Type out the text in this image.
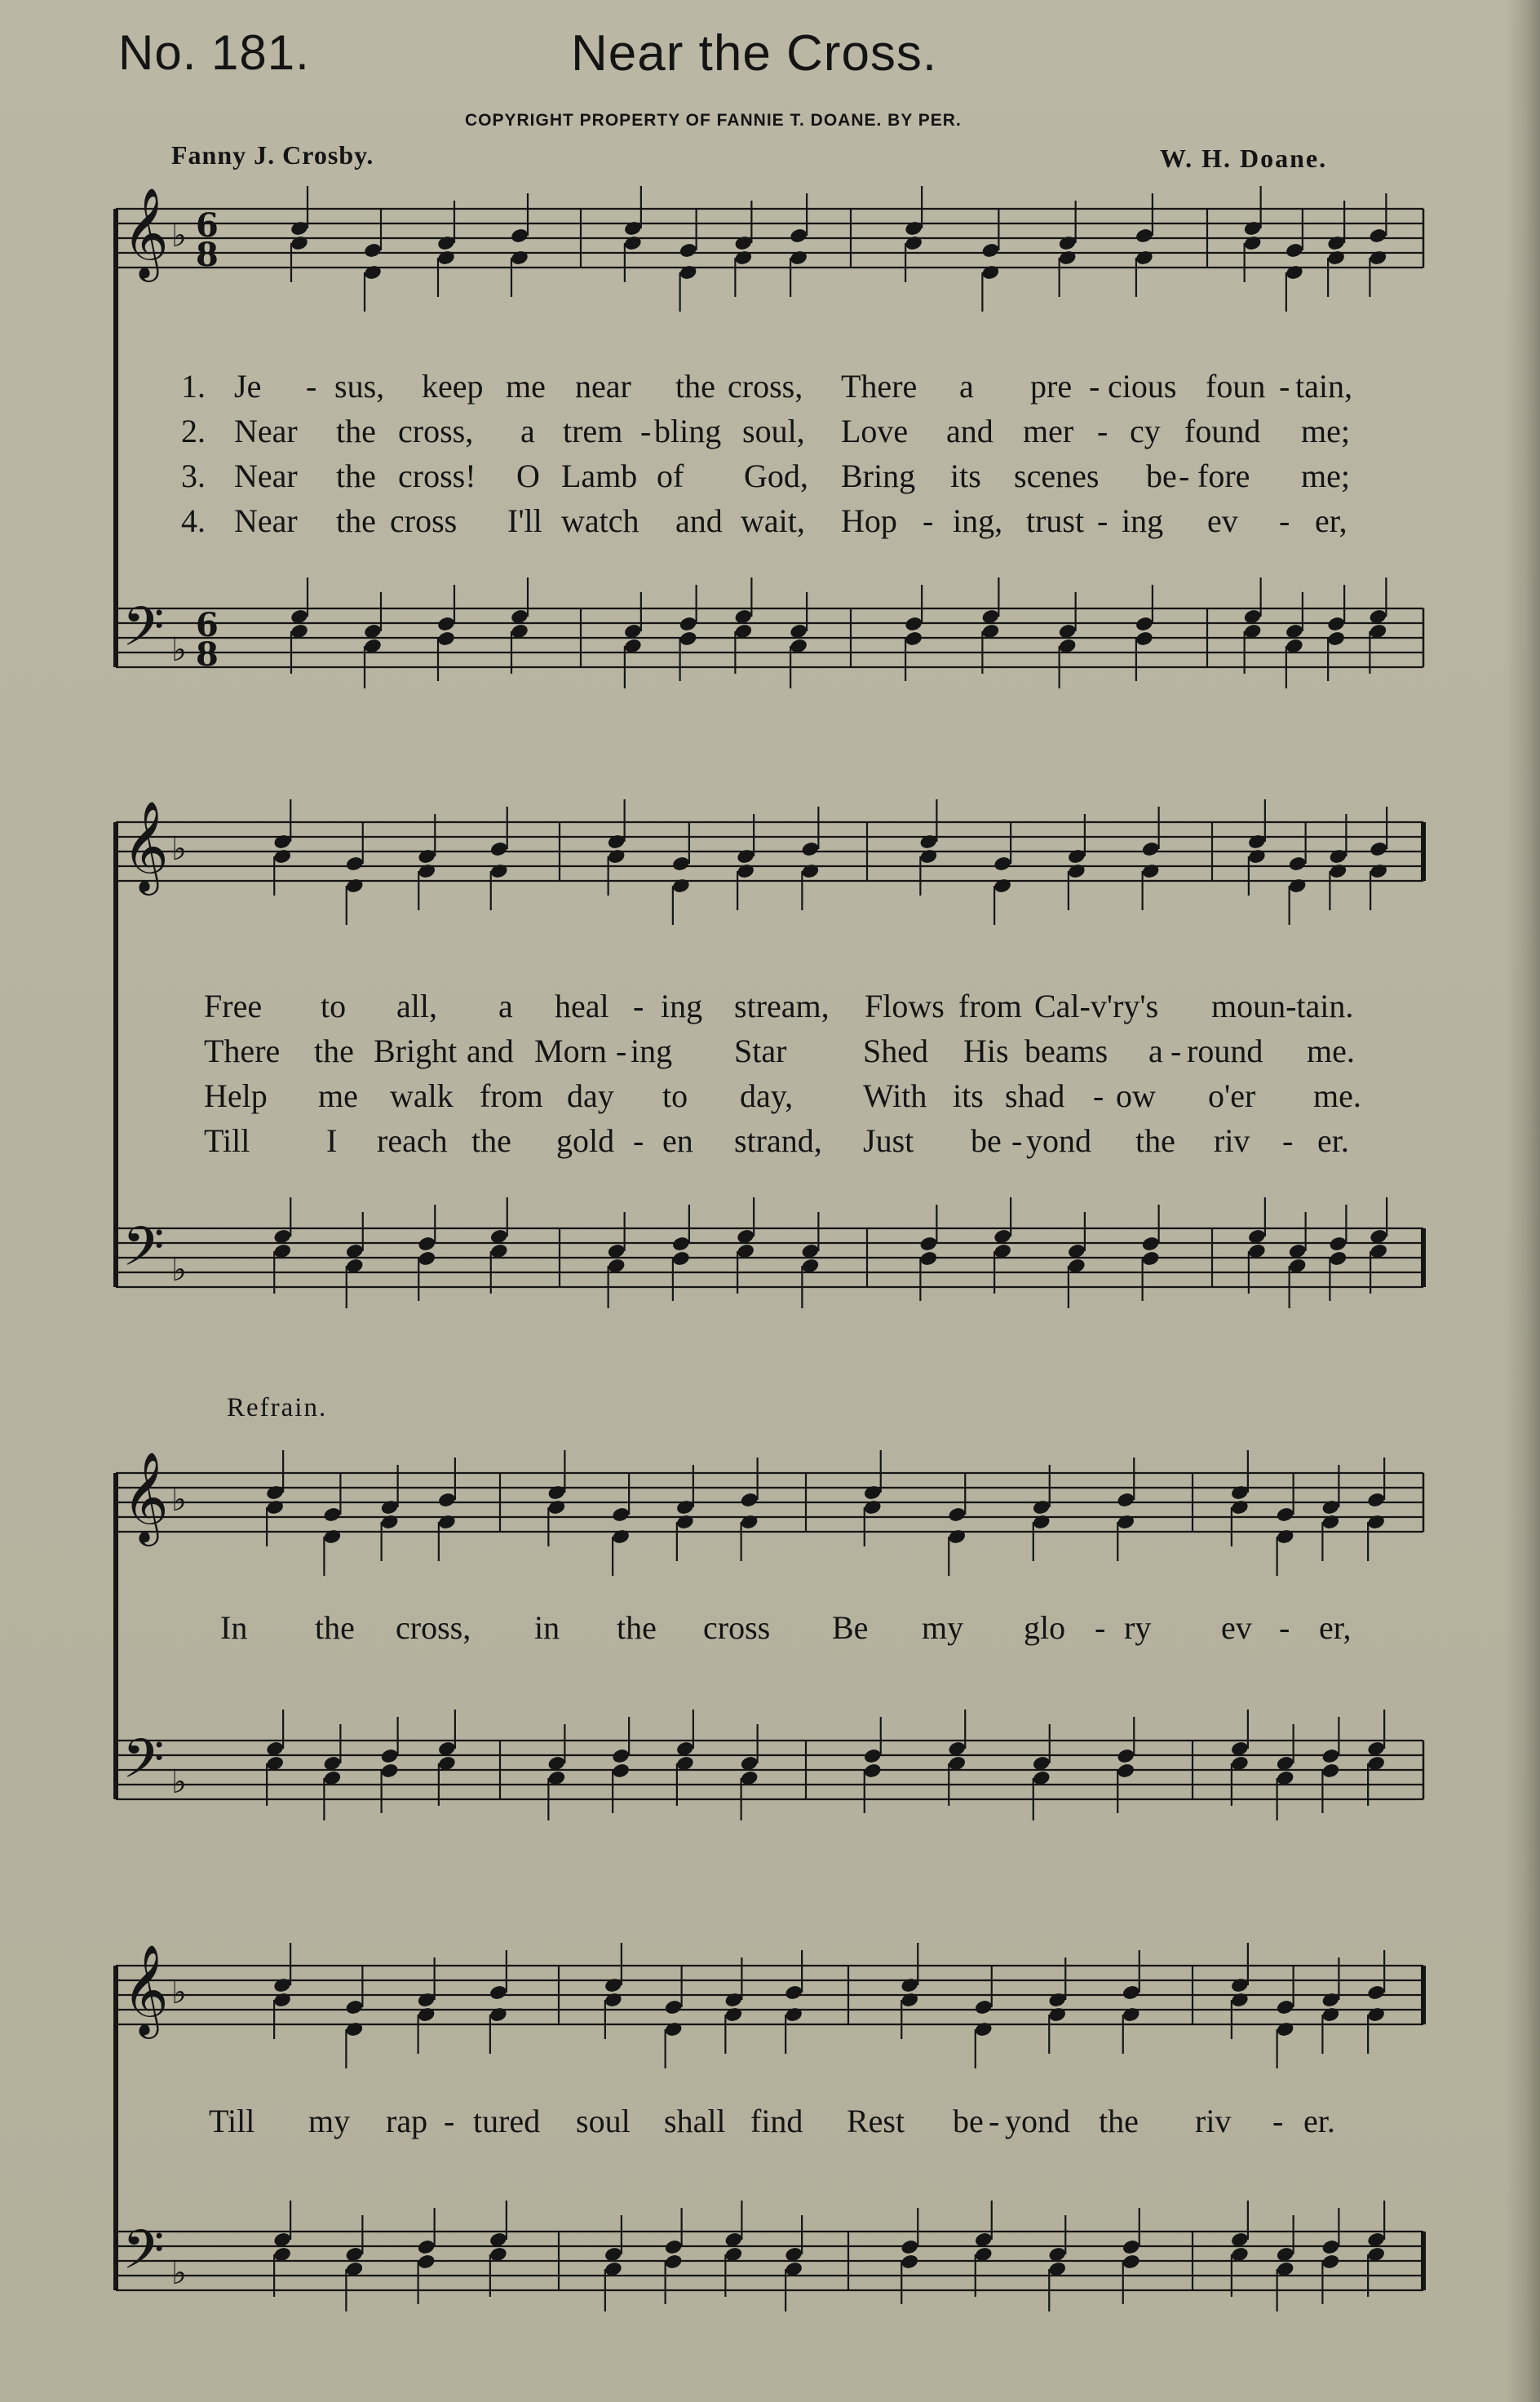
No. 181.	Near the Cross.
COPYRIGHT PROPERTY OF FANNIE T. DOANE. BY PER.
Fanny J. Crosby.	W. H. Doane.
Refrain.
𝄞
𝄢
♭
♭
6
8
6
8
𝄞
𝄢
♭
♭
𝄞
𝄢
♭
♭
𝄞
𝄢
♭
♭
1. Je - sus, keep me near the cross, There a pre - cious foun - tain,
2. Near the cross, a trem - bling soul, Love and mer - cy found me;
3. Near the cross! O Lamb of God, Bring its scenes be - fore me;
4. Near the cross I'll watch and wait, Hop - ing, trust - ing ev - er,
Free to all, a heal - ing stream, Flows from Cal-v'ry's moun-tain.
There the Bright and Morn - ing Star Shed His beams a - round me.
Help me walk from day to day, With its shad - ow o'er me.
Till I reach the gold - en strand, Just be - yond the riv - er.
In the cross, in the cross Be my glo - ry ev - er,
Till my rap - tured soul shall find Rest be - yond the riv - er.
